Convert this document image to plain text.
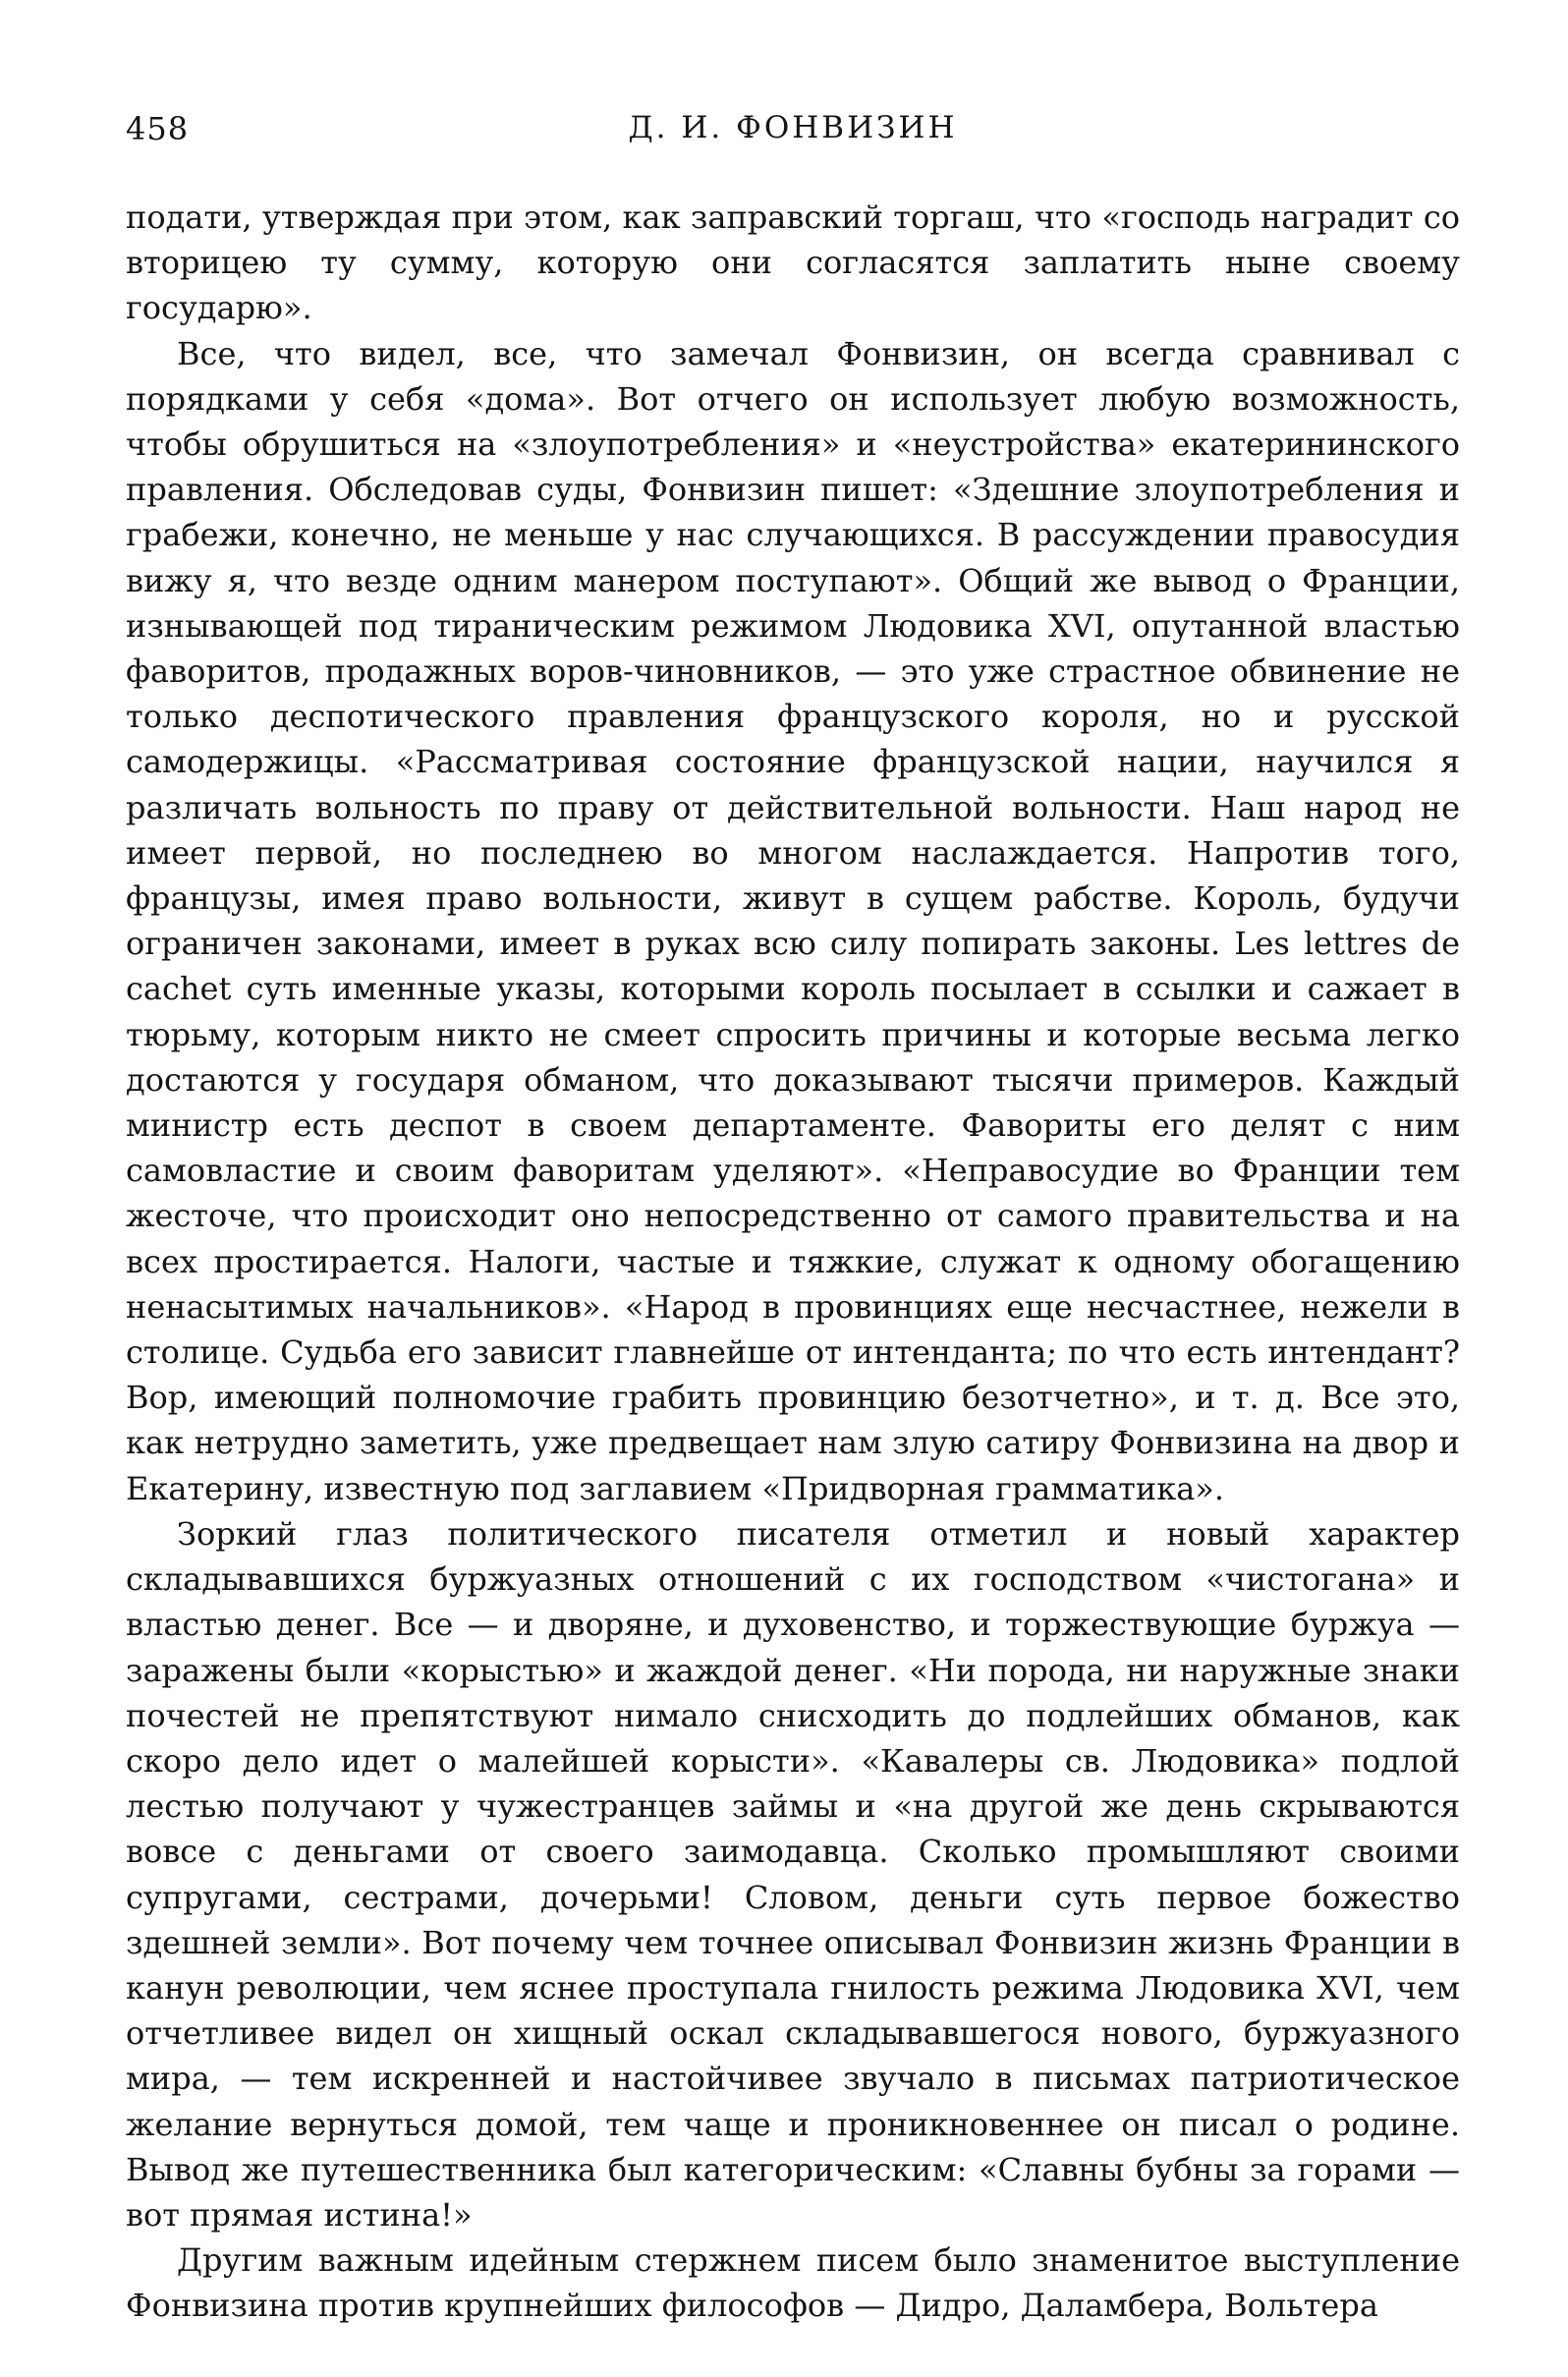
458	Д. И. ФОНВИЗИН

подати, утверждая при этом, как заправский торгаш, что «господь наградит со вторицею ту сумму, которую они согласятся заплатить ныне своему государю».

Все, что видел, все, что замечал Фонвизин, он всегда сравнивал с порядками у себя «дома». Вот отчего он использует любую возможность, чтобы обрушиться на «злоупотребления» и «неустройства» екатерининского правления. Обследовав суды, Фонвизин пишет: «Здешние злоупотребления и грабежи, конечно, не меньше у нас случающихся. В рассуждении правосудия вижу я, что везде одним манером поступают». Общий же вывод о Франции, изнывающей под тираническим режимом Людовика XVI, опутанной властью фаворитов, продажных воров-чиновников, — это уже страстное обвинение не только деспотического правления французского короля, но и русской самодержицы. «Рассматривая состояние французской нации, научился я различать вольность по праву от действительной вольности. Наш народ не имеет первой, но последнею во многом наслаждается. Напротив того, французы, имея право вольности, живут в сущем рабстве. Король, будучи ограничен законами, имеет в руках всю силу попирать законы. Les lettres de cachet суть именные указы, которыми король посылает в ссылки и сажает в тюрьму, которым никто не смеет спросить причины и которые весьма легко достаются у государя обманом, что доказывают тысячи примеров. Каждый министр есть деспот в своем департаменте. Фавориты его делят с ним самовластие и своим фаворитам уделяют». «Неправосудие во Франции тем жесточе, что происходит оно непосредственно от самого правительства и на всех простирается. Налоги, частые и тяжкие, служат к одному обогащению ненасытимых начальников». «Народ в провинциях еще несчастнее, нежели в столице. Судьба его зависит главнейше от интенданта; по что есть интендант? Вор, имеющий полномочие грабить провинцию безотчетно», и т. д. Все это, как нетрудно заметить, уже предвещает нам злую сатиру Фонвизина на двор и Екатерину, известную под заглавием «Придворная грамматика».

Зоркий глаз политического писателя отметил и новый характер складывавшихся буржуазных отношений с их господством «чистогана» и властью денег. Все — и дворяне, и духовенство, и торжествующие буржуа — заражены были «корыстью» и жаждой денег. «Ни порода, ни наружные знаки почестей не препятствуют нимало снисходить до подлейших обманов, как скоро дело идет о малейшей корысти». «Кавалеры св. Людовика» подлой лестью получают у чужестранцев займы и «на другой же день скрываются вовсе с деньгами от своего заимодавца. Сколько промышляют своими супругами, сестрами, дочерьми! Словом, деньги суть первое божество здешней земли». Вот почему чем точнее описывал Фонвизин жизнь Франции в канун революции, чем яснее проступала гнилость режима Людовика XVI, чем отчетливее видел он хищный оскал складывавшегося нового, буржуазного мира, — тем искренней и настойчивее звучало в письмах патриотическое желание вернуться домой, тем чаще и проникновеннее он писал о родине. Вывод же путешественника был категорическим: «Славны бубны за горами — вот прямая истина!»

Другим важным идейным стержнем писем было знаменитое выступление Фонвизина против крупнейших философов — Дидро, Даламбера, Вольтера
